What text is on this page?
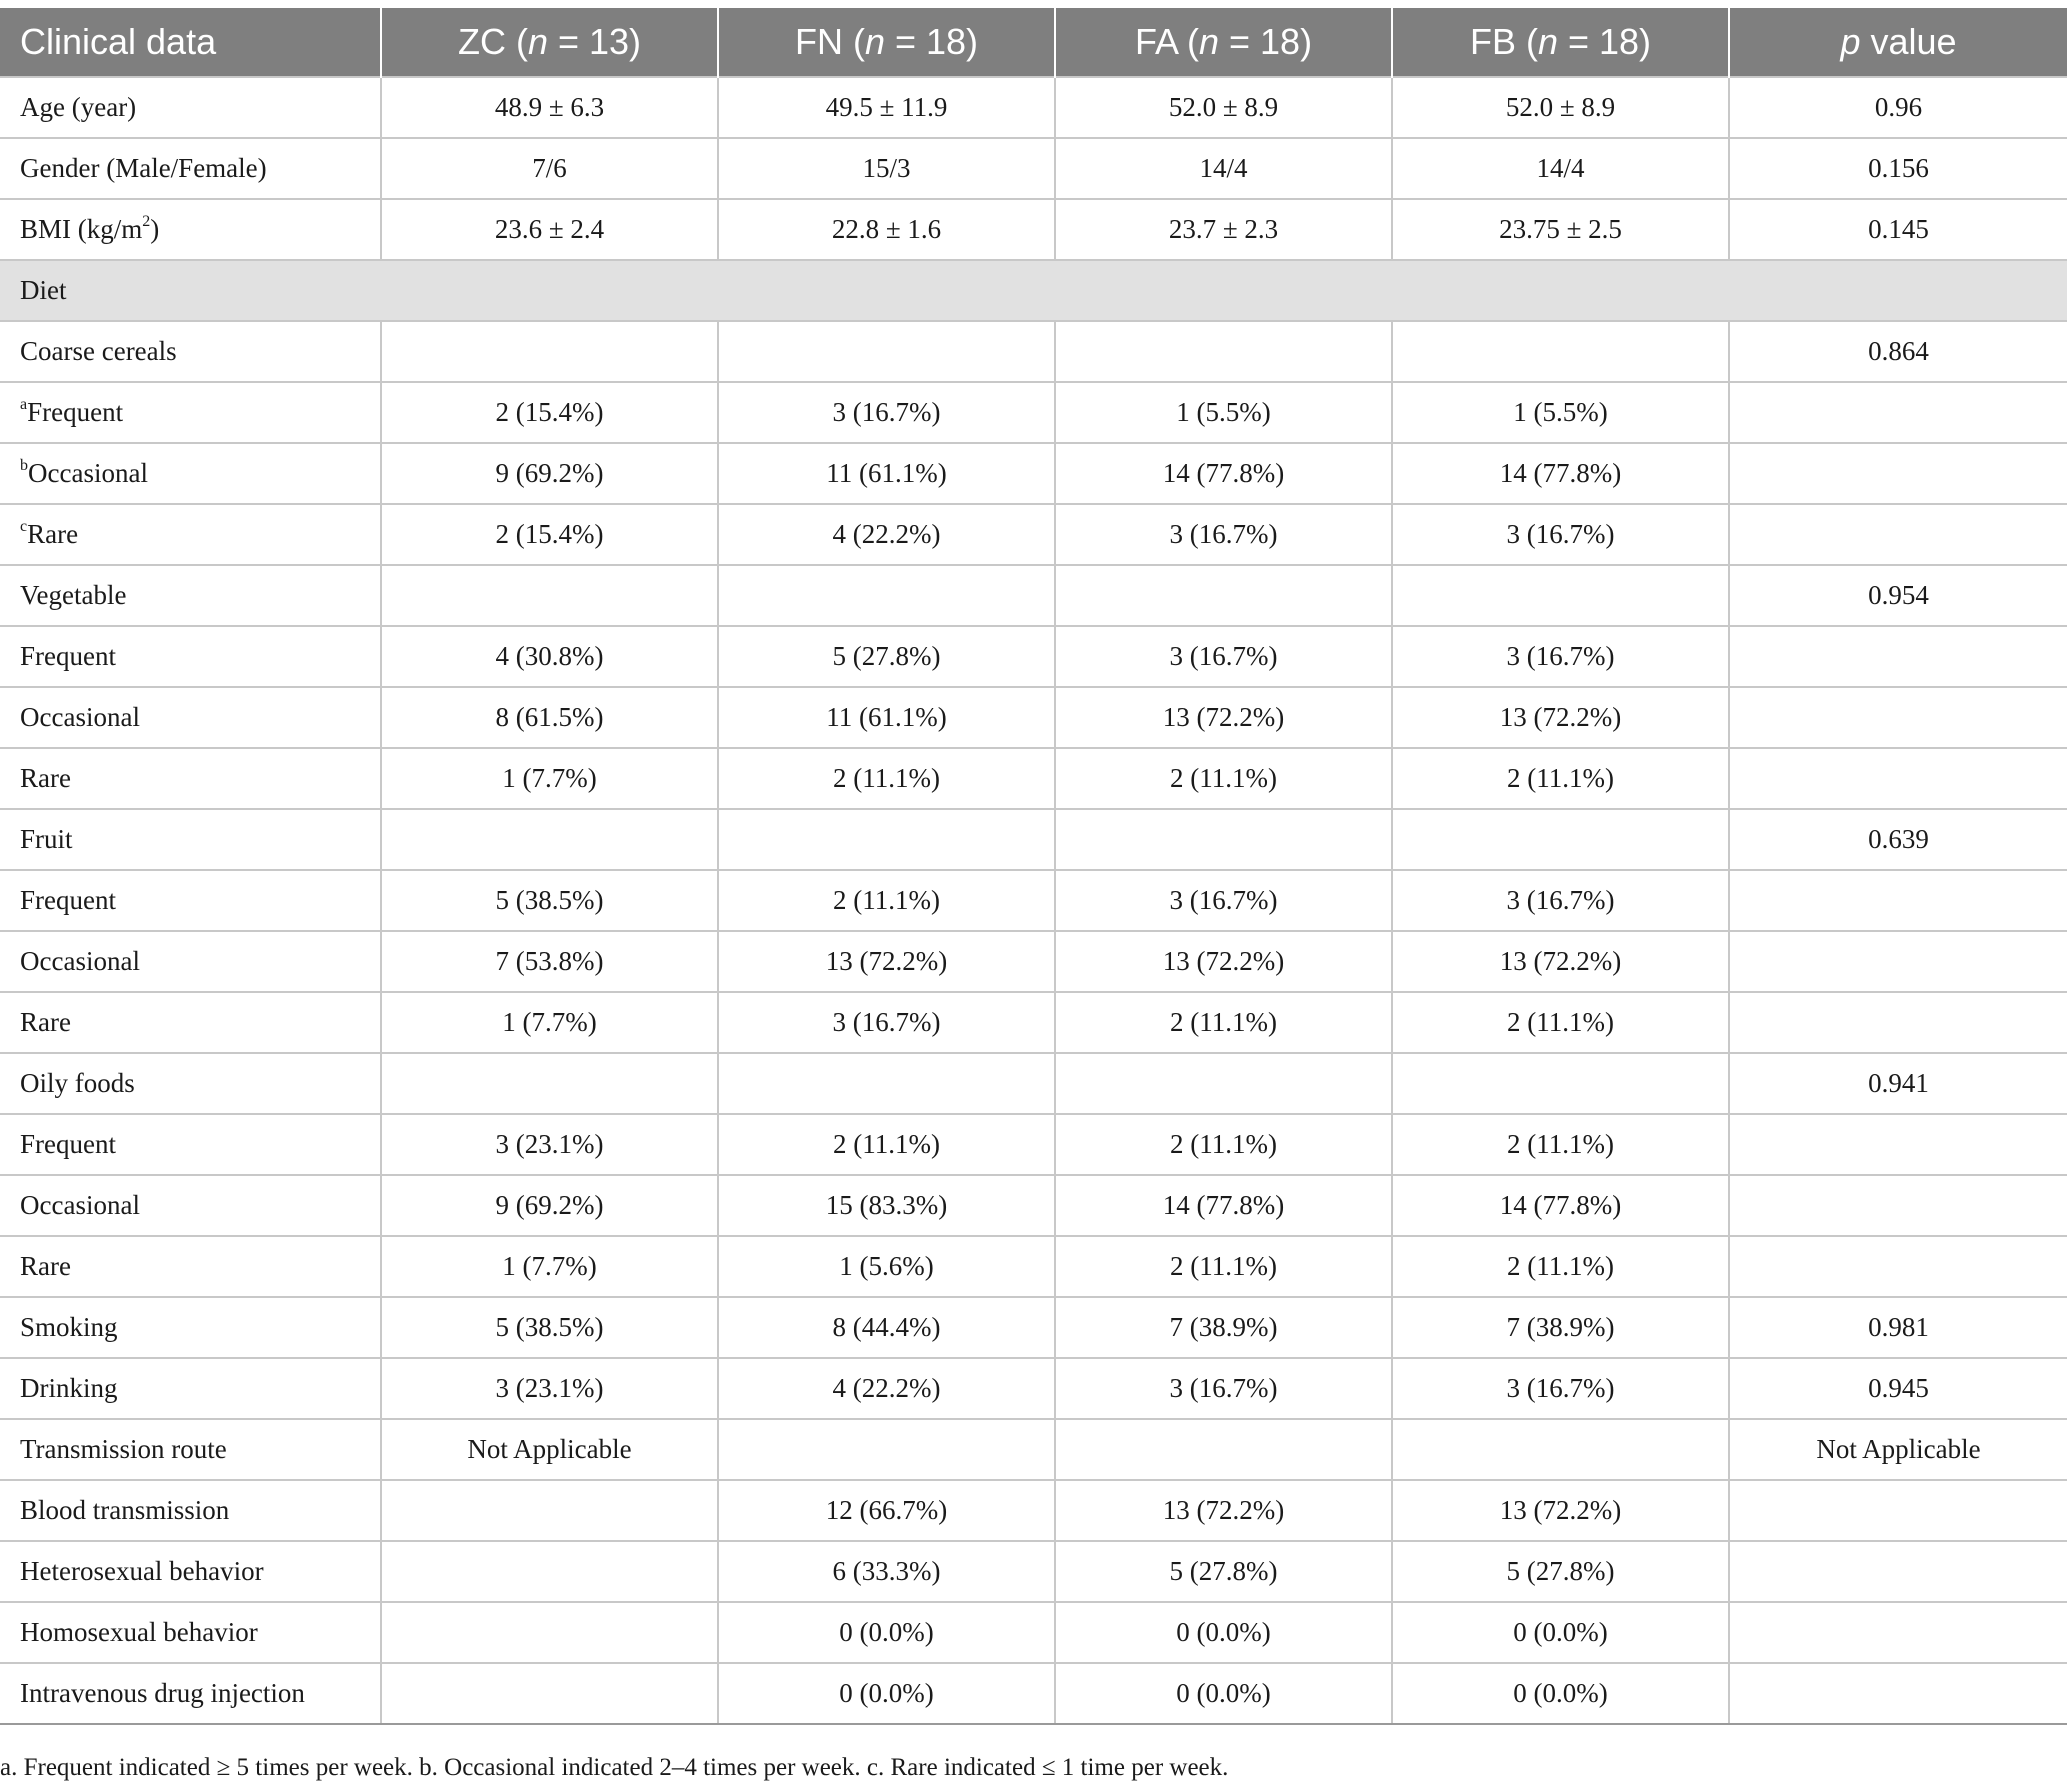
Clinical data	ZC (n = 13)	FN (n = 18)	FA (n = 18)	FB (n = 18)	p value
Age (year)	48.9 ± 6.3	49.5 ± 11.9	52.0 ± 8.9	52.0 ± 8.9	0.96
Gender (Male/Female)	7/6	15/3	14/4	14/4	0.156
BMI $(kg/m^2)$	23.6 ± 2.4	22.8 ± 1.6	23.7 ± 2.3	23.75 ± 2.5	0.145
Diet					
Coarse cereals					0.864
$^a$Frequent	2 (15.4%)	3 (16.7%)	1 (5.5%)	1 (5.5%)	
$^b$Occasional	9 (69.2%)	11 (61.1%)	14 (77.8%)	14 (77.8%)	
$^c$Rare	2 (15.4%)	4 (22.2%)	3 (16.7%)	3 (16.7%)	
Vegetable					0.954
Frequent	4 (30.8%)	5 (27.8%)	3 (16.7%)	3 (16.7%)	
Occasional	8 (61.5%)	11 (61.1%)	13 (72.2%)	13 (72.2%)	
Rare	1 (7.7%)	2 (11.1%)	2 (11.1%)	2 (11.1%)	
Fruit					0.639
Frequent	5 (38.5%)	2 (11.1%)	3 (16.7%)	3 (16.7%)	
Occasional	7 (53.8%)	13 (72.2%)	13 (72.2%)	13 (72.2%)	
Rare	1 (7.7%)	3 (16.7%)	2 (11.1%)	2 (11.1%)	
Oily foods					0.941
Frequent	3 (23.1%)	2 (11.1%)	2 (11.1%)	2 (11.1%)	
Occasional	9 (69.2%)	15 (83.3%)	14 (77.8%)	14 (77.8%)	
Rare	1 (7.7%)	1 (5.6%)	2 (11.1%)	2 (11.1%)	
Smoking	5 (38.5%)	8 (44.4%)	7 (38.9%)	7 (38.9%)	0.981
Drinking	3 (23.1%)	4 (22.2%)	3 (16.7%)	3 (16.7%)	0.945
Transmission route	Not Applicable				Not Applicable
Blood transmission		12 (66.7%)	13 (72.2%)	13 (72.2%)	
Heterosexual behavior		6 (33.3%)	5 (27.8%)	5 (27.8%)	
Homosexual behavior		0 (0.0%)	0 (0.0%)	0 (0.0%)	
Intravenous drug injection		0 (0.0%)	0 (0.0%)	0 (0.0%)	
a. Frequent indicated ≥ 5 times per week. b. Occasional indicated 2–4 times per week. c. Rare indicated ≤ 1 time per week.
